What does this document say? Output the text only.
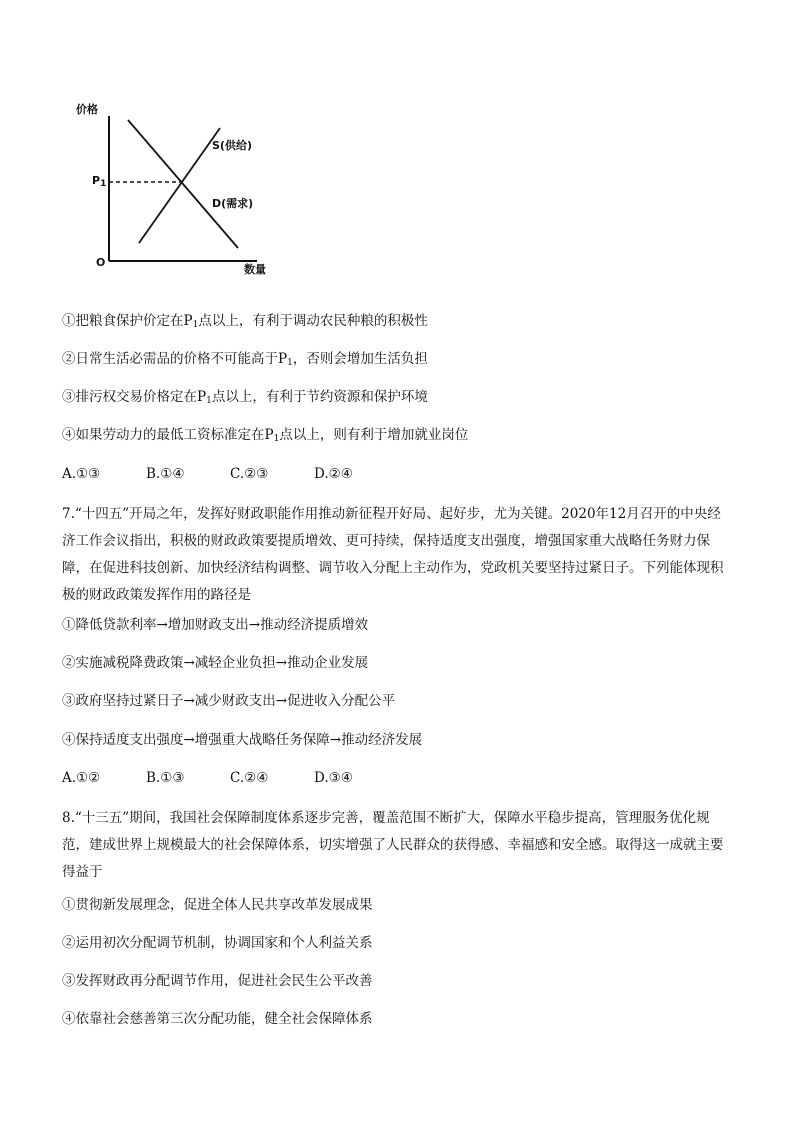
价格
数量
O
$P_1$
S(供给)
D(需求)
①把粮食保护价定在$P_1$点以上，有利于调动农民种粮的积极性
②日常生活必需品的价格不可能高于$P_1$，否则会增加生活负担
③排污权交易价格定在$P_1$点以上，有利于节约资源和保护环境
④如果劳动力的最低工资标准定在$P_1$点以上，则有利于增加就业岗位
A.①③	B.①④	C.②③	D.②④
7.“十四五”开局之年，发挥好财政职能作用推动新征程开好局、起好步，尤为关键。2020年12月召开的中央经济工作会议指出，积极的财政政策要提质增效、更可持续，保持适度支出强度，增强国家重大战略任务财力保障，在促进科技创新、加快经济结构调整、调节收入分配上主动作为，党政机关要坚持过紧日子。下列能体现积极的财政政策发挥作用的路径是
①降低贷款利率→增加财政支出→推动经济提质增效
②实施减税降费政策→减轻企业负担→推动企业发展
③政府坚持过紧日子→减少财政支出→促进收入分配公平
④保持适度支出强度→增强重大战略任务保障→推动经济发展
A.①②	B.①③	C.②④	D.③④
8.“十三五”期间，我国社会保障制度体系逐步完善，覆盖范围不断扩大，保障水平稳步提高，管理服务优化规范，建成世界上规模最大的社会保障体系，切实增强了人民群众的获得感、幸福感和安全感。取得这一成就主要得益于
①贯彻新发展理念，促进全体人民共享改革发展成果
②运用初次分配调节机制，协调国家和个人利益关系
③发挥财政再分配调节作用，促进社会民生公平改善
④依靠社会慈善第三次分配功能，健全社会保障体系
